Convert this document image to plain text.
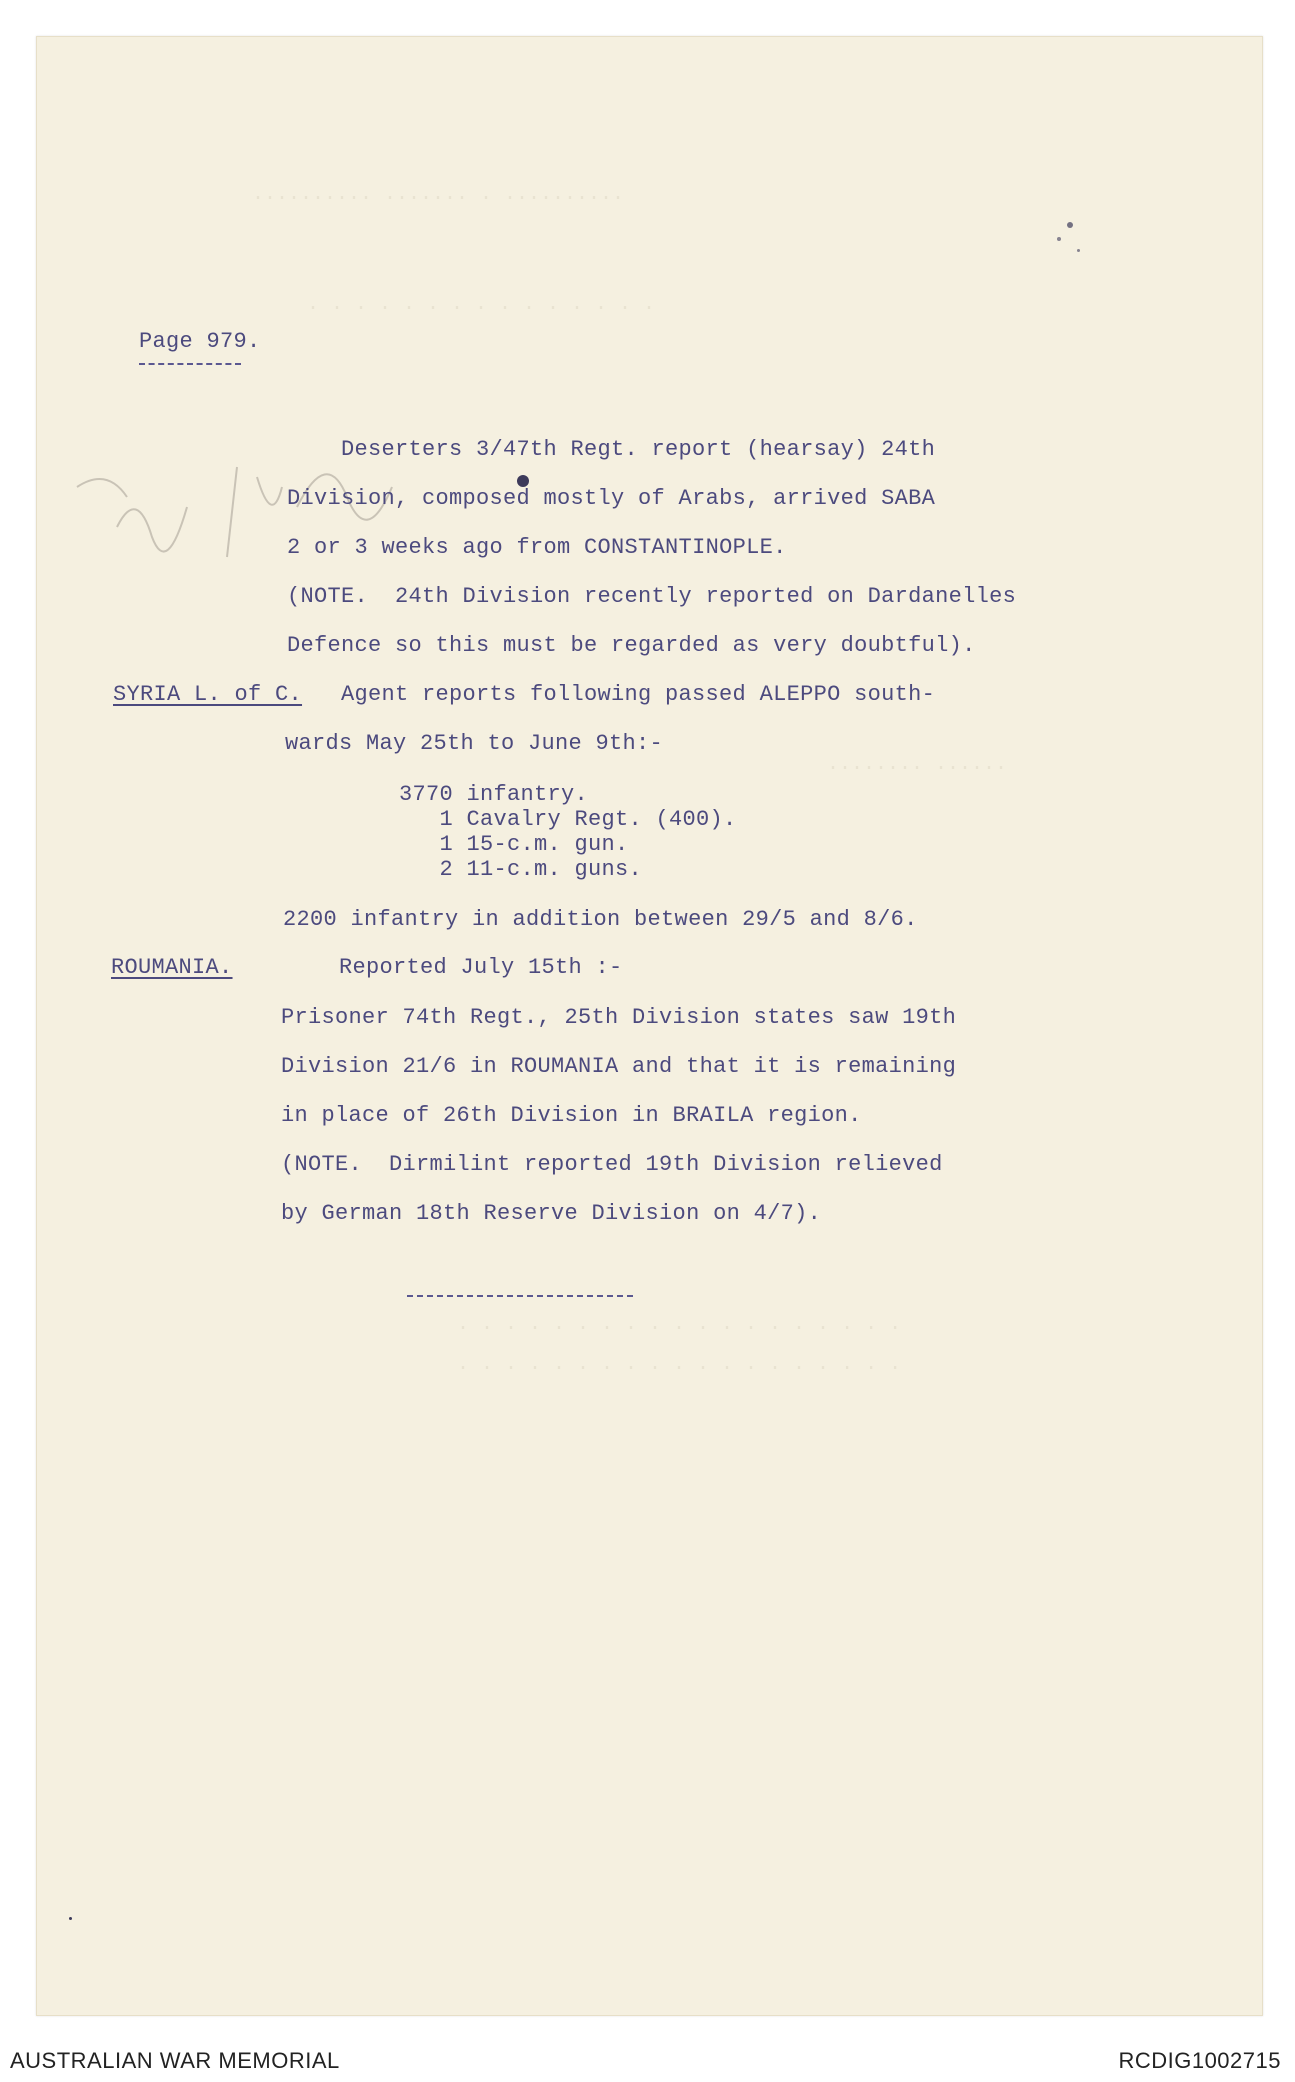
·········· ······· · ··········
· · · · · · · · · · · · · · ·
········ ······
· · · · · · · · · · · · · · · · · · ·
· · · · · · · · · · · · · · · · · · ·
Page 979.
Deserters 3/47th Regt. report (hearsay) 24th
Division, composed mostly of Arabs, arrived SABA
2 or 3 weeks ago from CONSTANTINOPLE.
(NOTE.  24th Division recently reported on Dardanelles
Defence so this must be regarded as very doubtful).
SYRIA L. of C. Agent reports following passed ALEPPO south-
wards May 25th to June 9th:-
3770 infantry.
1 Cavalry Regt. (400).
1 15-c.m. gun.
2 11-c.m. guns.
2200 infantry in addition between 29/5 and 8/6.
ROUMANIA.	Reported July 15th :-
Prisoner 74th Regt., 25th Division states saw 19th
Division 21/6 in ROUMANIA and that it is remaining
in place of 26th Division in BRAILA region.
(NOTE.  Dirmilint reported 19th Division relieved
by German 18th Reserve Division on 4/7).
AUSTRALIAN WAR MEMORIAL	RCDIG1002715
